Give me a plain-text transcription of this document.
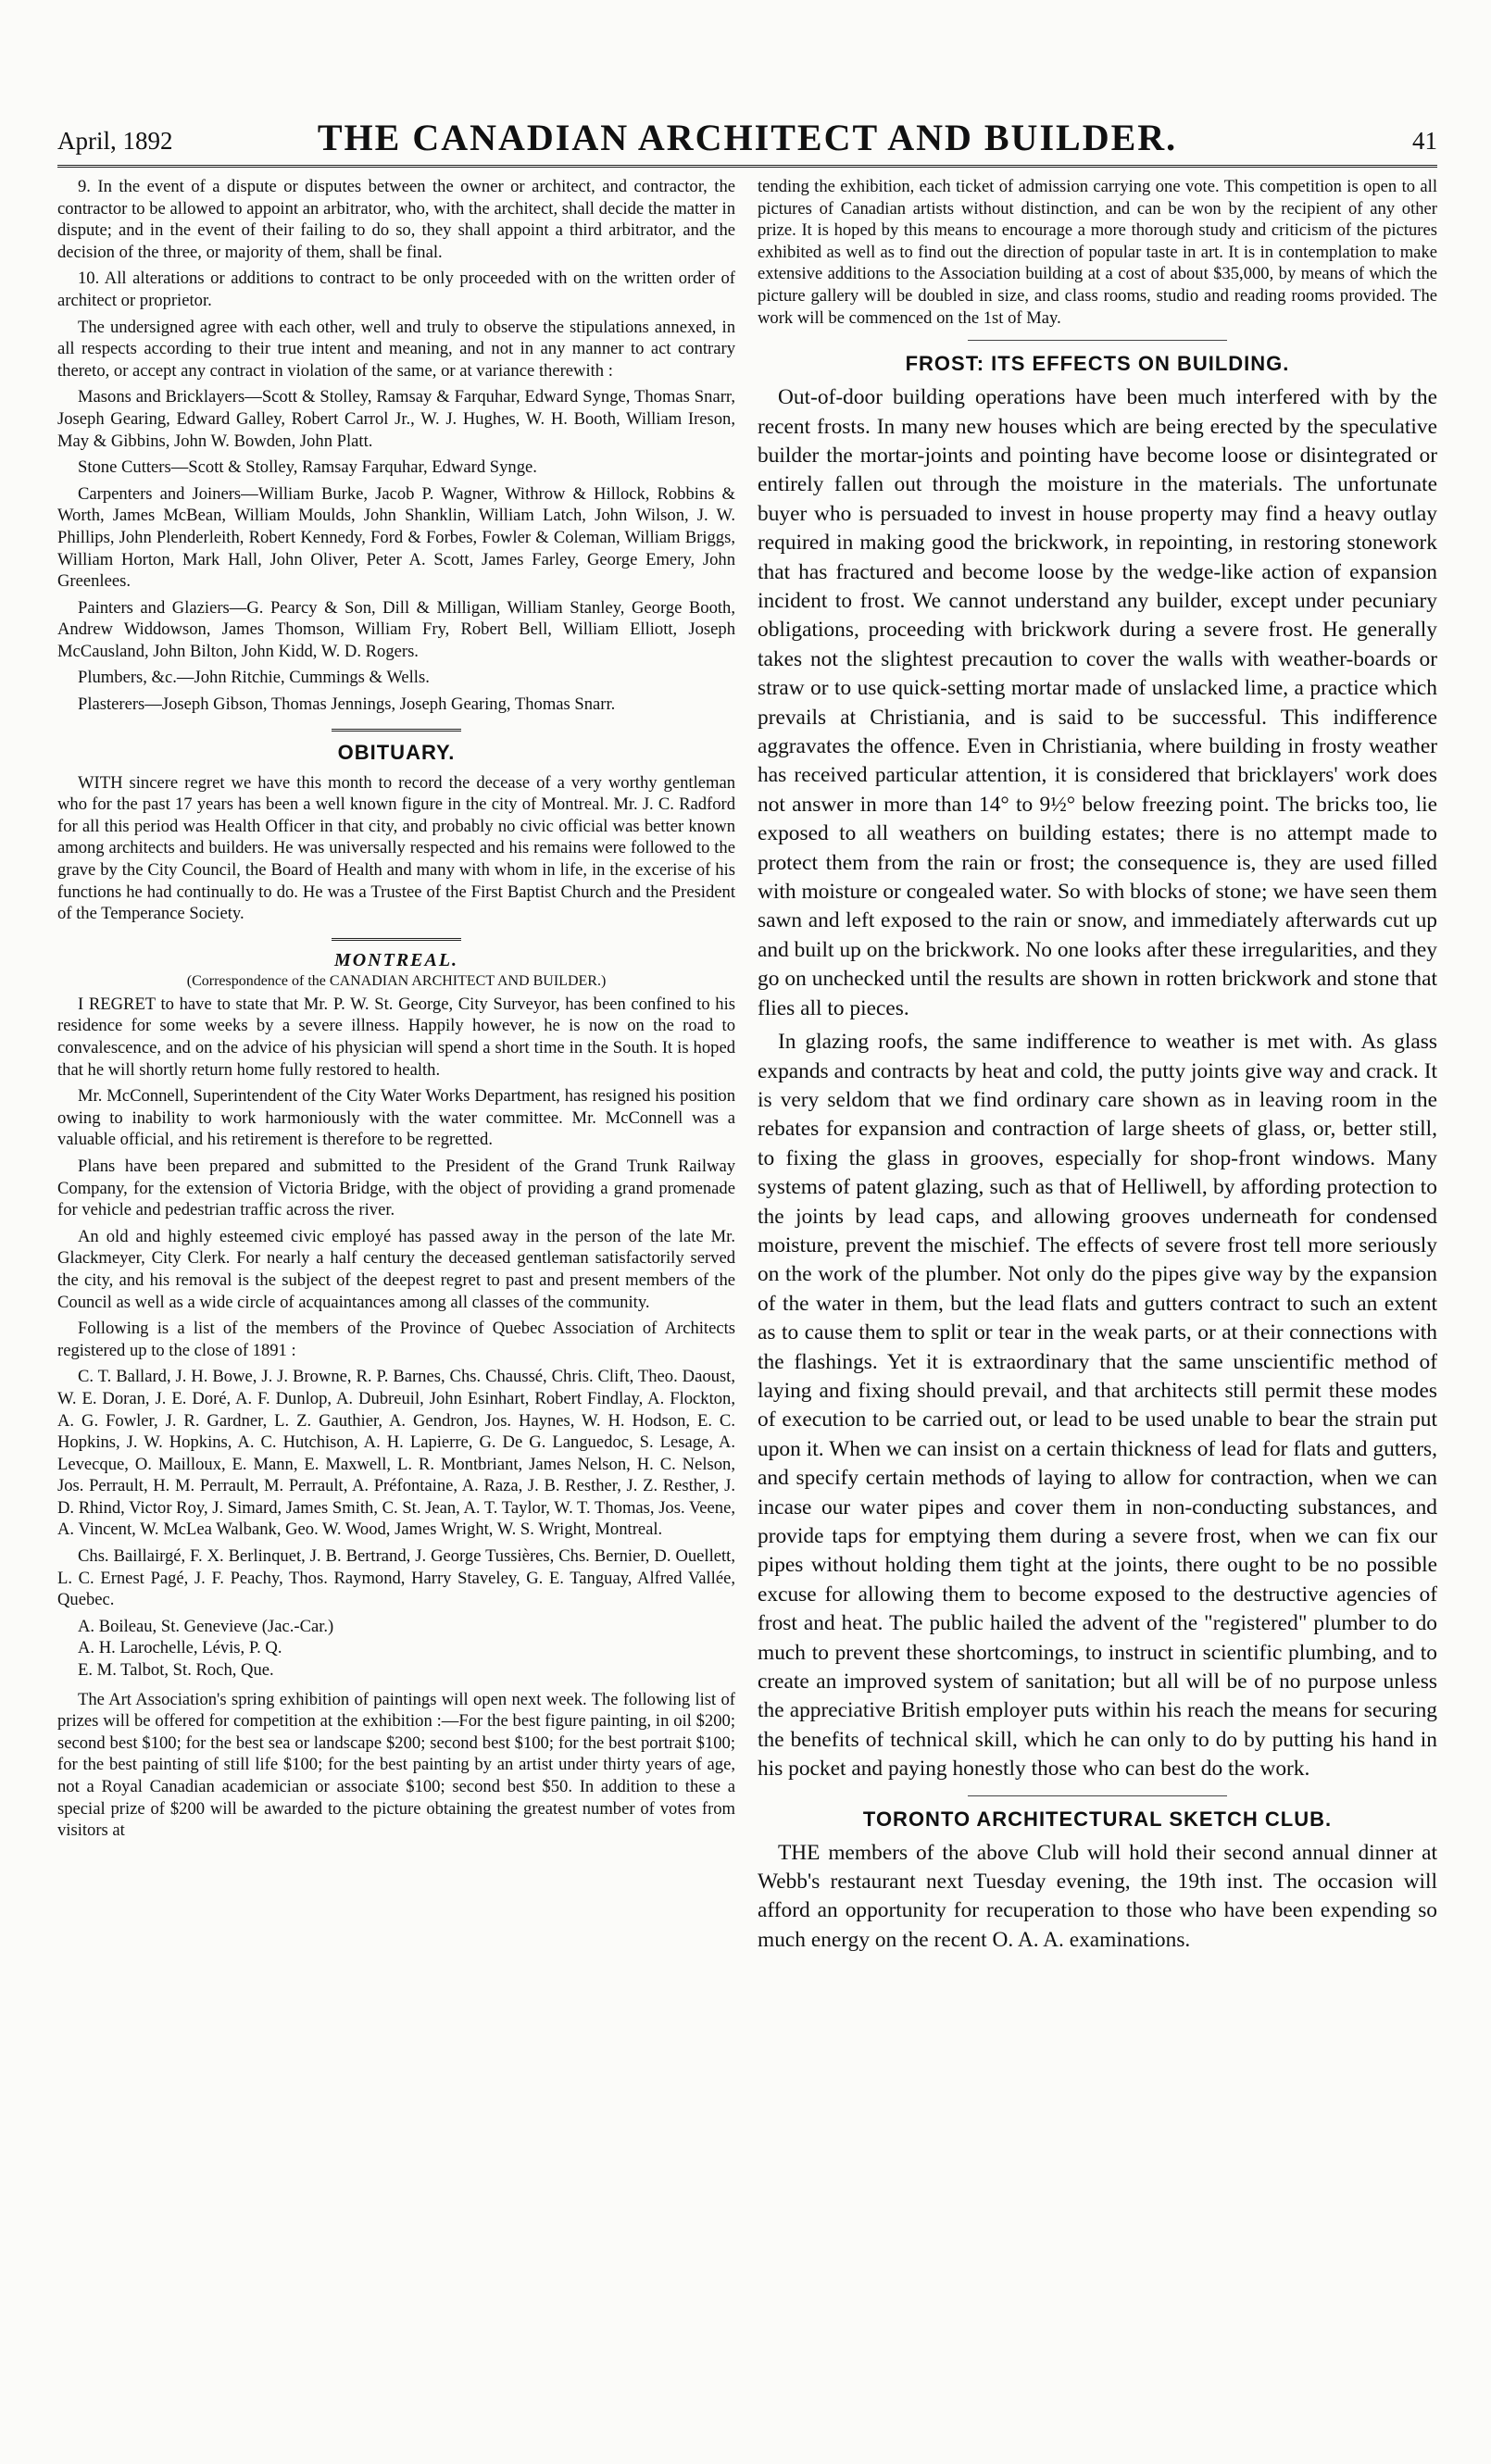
April, 1892	THE CANADIAN ARCHITECT AND BUILDER.	41

9. In the event of a dispute or disputes between the owner or architect, and contractor, the contractor to be allowed to appoint an arbitrator, who, with the architect, shall decide the matter in dispute; and in the event of their failing to do so, they shall appoint a third arbitrator, and the decision of the three, or majority of them, shall be final.

10. All alterations or additions to contract to be only proceeded with on the written order of architect or proprietor.

The undersigned agree with each other, well and truly to observe the stipulations annexed, in all respects according to their true intent and meaning, and not in any manner to act contrary thereto, or accept any contract in violation of the same, or at variance therewith :

Masons and Bricklayers—Scott & Stolley, Ramsay & Farquhar, Edward Synge, Thomas Snarr, Joseph Gearing, Edward Galley, Robert Carrol Jr., W. J. Hughes, W. H. Booth, William Ireson, May & Gibbins, John W. Bowden, John Platt.

Stone Cutters—Scott & Stolley, Ramsay Farquhar, Edward Synge.

Carpenters and Joiners—William Burke, Jacob P. Wagner, Withrow & Hillock, Robbins & Worth, James McBean, William Moulds, John Shanklin, William Latch, John Wilson, J. W. Phillips, John Plenderleith, Robert Kennedy, Ford & Forbes, Fowler & Coleman, William Briggs, William Horton, Mark Hall, John Oliver, Peter A. Scott, James Farley, George Emery, John Greenlees.

Painters and Glaziers—G. Pearcy & Son, Dill & Milligan, William Stanley, George Booth, Andrew Widdowson, James Thomson, William Fry, Robert Bell, William Elliott, Joseph McCausland, John Bilton, John Kidd, W. D. Rogers.

Plumbers, &c.—John Ritchie, Cummings & Wells.

Plasterers—Joseph Gibson, Thomas Jennings, Joseph Gearing, Thomas Snarr.

OBITUARY.

WITH sincere regret we have this month to record the decease of a very worthy gentleman who for the past 17 years has been a well known figure in the city of Montreal. Mr. J. C. Radford for all this period was Health Officer in that city, and probably no civic official was better known among architects and builders. He was universally respected and his remains were followed to the grave by the City Council, the Board of Health and many with whom in life, in the excerise of his functions he had continually to do. He was a Trustee of the First Baptist Church and the President of the Temperance Society.

MONTREAL.
(Correspondence of the CANADIAN ARCHITECT AND BUILDER.)

I REGRET to have to state that Mr. P. W. St. George, City Surveyor, has been confined to his residence for some weeks by a severe illness. Happily however, he is now on the road to convalescence, and on the advice of his physician will spend a short time in the South. It is hoped that he will shortly return home fully restored to health.

Mr. McConnell, Superintendent of the City Water Works Department, has resigned his position owing to inability to work harmoniously with the water committee. Mr. McConnell was a valuable official, and his retirement is therefore to be regretted.

Plans have been prepared and submitted to the President of the Grand Trunk Railway Company, for the extension of Victoria Bridge, with the object of providing a grand promenade for vehicle and pedestrian traffic across the river.

An old and highly esteemed civic employé has passed away in the person of the late Mr. Glackmeyer, City Clerk. For nearly a half century the deceased gentleman satisfactorily served the city, and his removal is the subject of the deepest regret to past and present members of the Council as well as a wide circle of acquaintances among all classes of the community.

Following is a list of the members of the Province of Quebec Association of Architects registered up to the close of 1891 :

C. T. Ballard, J. H. Bowe, J. J. Browne, R. P. Barnes, Chs. Chaussé, Chris. Clift, Theo. Daoust, W. E. Doran, J. E. Doré, A. F. Dunlop, A. Dubreuil, John Esinhart, Robert Findlay, A. Flockton, A. G. Fowler, J. R. Gardner, L. Z. Gauthier, A. Gendron, Jos. Haynes, W. H. Hodson, E. C. Hopkins, J. W. Hopkins, A. C. Hutchison, A. H. Lapierre, G. De G. Languedoc, S. Lesage, A. Levecque, O. Mailloux, E. Mann, E. Maxwell, L. R. Montbriant, James Nelson, H. C. Nelson, Jos. Perrault, H. M. Perrault, M. Perrault, A. Préfontaine, A. Raza, J. B. Resther, J. Z. Resther, J. D. Rhind, Victor Roy, J. Simard, James Smith, C. St. Jean, A. T. Taylor, W. T. Thomas, Jos. Veene, A. Vincent, W. McLea Walbank, Geo. W. Wood, James Wright, W. S. Wright, Montreal.

Chs. Baillairgé, F. X. Berlinquet, J. B. Bertrand, J. George Tussières, Chs. Bernier, D. Ouellett, L. C. Ernest Pagé, J. F. Peachy, Thos. Raymond, Harry Staveley, G. E. Tanguay, Alfred Vallée, Quebec.

A. Boileau, St. Genevieve (Jac.-Car.)

A. H. Larochelle, Lévis, P. Q.

E. M. Talbot, St. Roch, Que.

The Art Association's spring exhibition of paintings will open next week. The following list of prizes will be offered for competition at the exhibition :—For the best figure painting, in oil $200; second best $100; for the best sea or landscape $200; second best $100; for the best portrait $100; for the best painting of still life $100; for the best painting by an artist under thirty years of age, not a Royal Canadian academician or associate $100; second best $50. In addition to these a special prize of $200 will be awarded to the picture obtaining the greatest number of votes from visitors at

tending the exhibition, each ticket of admission carrying one vote. This competition is open to all pictures of Canadian artists without distinction, and can be won by the recipient of any other prize. It is hoped by this means to encourage a more thorough study and criticism of the pictures exhibited as well as to find out the direction of popular taste in art. It is in contemplation to make extensive additions to the Association building at a cost of about $35,000, by means of which the picture gallery will be doubled in size, and class rooms, studio and reading rooms provided. The work will be commenced on the 1st of May.

FROST: ITS EFFECTS ON BUILDING.

Out-of-door building operations have been much interfered with by the recent frosts. In many new houses which are being erected by the speculative builder the mortar-joints and pointing have become loose or disintegrated or entirely fallen out through the moisture in the materials. The unfortunate buyer who is persuaded to invest in house property may find a heavy outlay required in making good the brickwork, in repointing, in restoring stonework that has fractured and become loose by the wedge-like action of expansion incident to frost. We cannot understand any builder, except under pecuniary obligations, proceeding with brickwork during a severe frost. He generally takes not the slightest precaution to cover the walls with weather-boards or straw or to use quick-setting mortar made of unslacked lime, a practice which prevails at Christiania, and is said to be successful. This indifference aggravates the offence. Even in Christiania, where building in frosty weather has received particular attention, it is considered that bricklayers' work does not answer in more than 14° to 9½° below freezing point. The bricks too, lie exposed to all weathers on building estates; there is no attempt made to protect them from the rain or frost; the consequence is, they are used filled with moisture or congealed water. So with blocks of stone; we have seen them sawn and left exposed to the rain or snow, and immediately afterwards cut up and built up on the brickwork. No one looks after these irregularities, and they go on unchecked until the results are shown in rotten brickwork and stone that flies all to pieces.

In glazing roofs, the same indifference to weather is met with. As glass expands and contracts by heat and cold, the putty joints give way and crack. It is very seldom that we find ordinary care shown as in leaving room in the rebates for expansion and contraction of large sheets of glass, or, better still, to fixing the glass in grooves, especially for shop-front windows. Many systems of patent glazing, such as that of Helliwell, by affording protection to the joints by lead caps, and allowing grooves underneath for condensed moisture, prevent the mischief. The effects of severe frost tell more seriously on the work of the plumber. Not only do the pipes give way by the expansion of the water in them, but the lead flats and gutters contract to such an extent as to cause them to split or tear in the weak parts, or at their connections with the flashings. Yet it is extraordinary that the same unscientific method of laying and fixing should prevail, and that architects still permit these modes of execution to be carried out, or lead to be used unable to bear the strain put upon it. When we can insist on a certain thickness of lead for flats and gutters, and specify certain methods of laying to allow for contraction, when we can incase our water pipes and cover them in non-conducting substances, and provide taps for emptying them during a severe frost, when we can fix our pipes without holding them tight at the joints, there ought to be no possible excuse for allowing them to become exposed to the destructive agencies of frost and heat. The public hailed the advent of the "registered" plumber to do much to prevent these shortcomings, to instruct in scientific plumbing, and to create an improved system of sanitation; but all will be of no purpose unless the appreciative British employer puts within his reach the means for securing the benefits of technical skill, which he can only to do by putting his hand in his pocket and paying honestly those who can best do the work.

TORONTO ARCHITECTURAL SKETCH CLUB.

THE members of the above Club will hold their second annual dinner at Webb's restaurant next Tuesday evening, the 19th inst. The occasion will afford an opportunity for recuperation to those who have been expending so much energy on the recent O. A. A. examinations.
